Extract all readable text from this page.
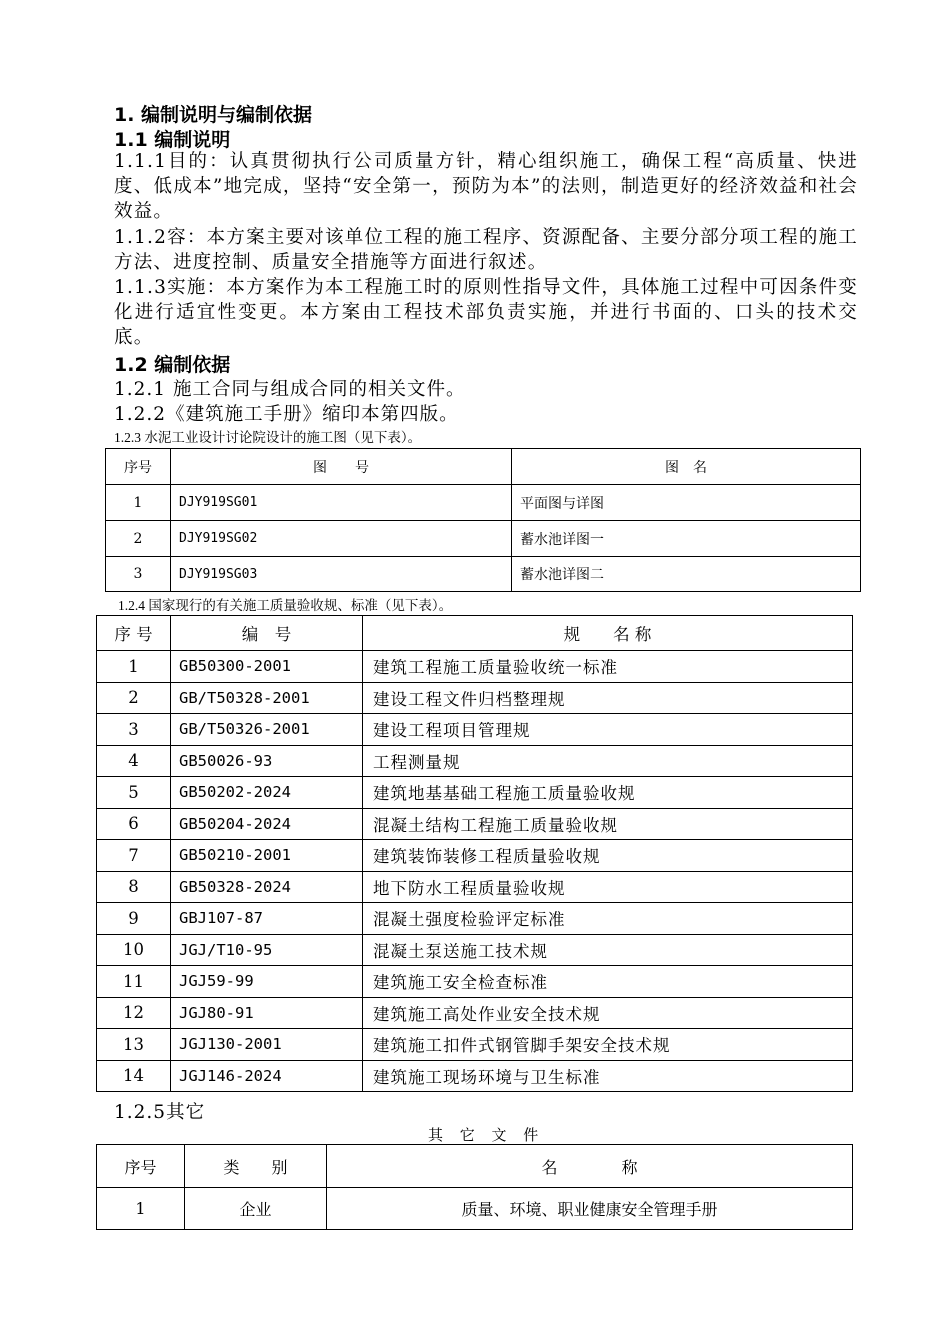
1. 编制说明与编制依据
1.1 编制说明
1.1.1目的：认真贯彻执行公司质量方针，精心组织施工，确保工程“高质量、快进度、低成本”地完成，坚持“安全第一，预防为本”的法则，制造更好的经济效益和社会效益。
1.1.2容：本方案主要对该单位工程的施工程序、资源配备、主要分部分项工程的施工方法、进度控制、质量安全措施等方面进行叙述。
1.1.3实施：本方案作为本工程施工时的原则性指导文件，具体施工过程中可因条件变化进行适宜性变更。本方案由工程技术部负责实施，并进行书面的、口头的技术交底。
1.2 编制依据
1.2.1 施工合同与组成合同的相关文件。
1.2.2《建筑施工手册》缩印本第四版。
1.2.3 水泥工业设计讨论院设计的施工图（见下表）。
序号	图　　号	图　名
1	DJY919SG01	平面图与详图
2	DJY919SG02	蓄水池详图一
3	DJY919SG03	蓄水池详图二
1.2.4 国家现行的有关施工质量验收规、标准（见下表）。
序 号	编　号	规　　名 称
1	GB50300-2001	建筑工程施工质量验收统一标准
2	GB/T50328-2001	建设工程文件归档整理规
3	GB/T50326-2001	建设工程项目管理规
4	GB50026-93	工程测量规
5	GB50202-2024	建筑地基基础工程施工质量验收规
6	GB50204-2024	混凝土结构工程施工质量验收规
7	GB50210-2001	建筑装饰装修工程质量验收规
8	GB50328-2024	地下防水工程质量验收规
9	GBJ107-87	混凝土强度检验评定标准
10	JGJ/T10-95	混凝土泵送施工技术规
11	JGJ59-99	建筑施工安全检查标准
12	JGJ80-91	建筑施工高处作业安全技术规
13	JGJ130-2001	建筑施工扣件式钢管脚手架安全技术规
14	JGJ146-2024	建筑施工现场环境与卫生标准
1.2.5其它
其 它 文 件
序号	类　　别	名　　　　称
1	企业	质量、环境、职业健康安全管理手册
